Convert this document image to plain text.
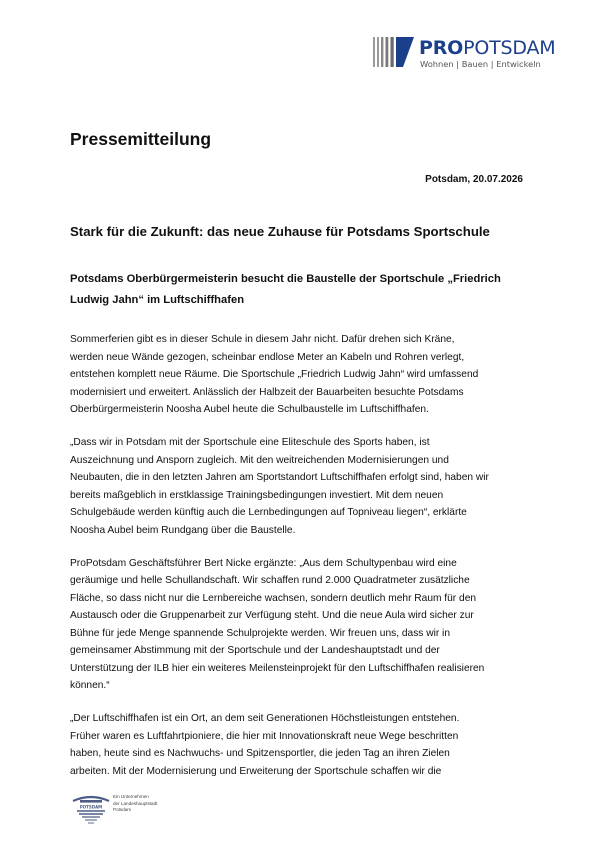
PROPOTSDAM
Wohnen | Bauen | Entwickeln
Pressemitteilung
Potsdam, 20.07.2026
Stark für die Zukunft: das neue Zuhause für Potsdams Sportschule
Potsdams Oberbürgermeisterin besucht die Baustelle der Sportschule „Friedrich Ludwig Jahn“ im Luftschiffhafen

Sommerferien gibt es in dieser Schule in diesem Jahr nicht. Dafür drehen sich Kräne,
werden neue Wände gezogen, scheinbar endlose Meter an Kabeln und Rohren verlegt,
entstehen komplett neue Räume. Die Sportschule „Friedrich Ludwig Jahn“ wird umfassend
modernisiert und erweitert. Anlässlich der Halbzeit der Bauarbeiten besuchte Potsdams
Oberbürgermeisterin Noosha Aubel heute die Schulbaustelle im Luftschiffhafen.

„Dass wir in Potsdam mit der Sportschule eine Eliteschule des Sports haben, ist
Auszeichnung und Ansporn zugleich. Mit den weitreichenden Modernisierungen und
Neubauten, die in den letzten Jahren am Sportstandort Luftschiffhafen erfolgt sind, haben wir
bereits maßgeblich in erstklassige Trainingsbedingungen investiert. Mit dem neuen
Schulgebäude werden künftig auch die Lernbedingungen auf Topniveau liegen“, erklärte
Noosha Aubel beim Rundgang über die Baustelle.

ProPotsdam Geschäftsführer Bert Nicke ergänzte: „Aus dem Schultypenbau wird eine
geräumige und helle Schullandschaft. Wir schaffen rund 2.000 Quadratmeter zusätzliche
Fläche, so dass nicht nur die Lernbereiche wachsen, sondern deutlich mehr Raum für den
Austausch oder die Gruppenarbeit zur Verfügung steht. Und die neue Aula wird sicher zur
Bühne für jede Menge spannende Schulprojekte werden. Wir freuen uns, dass wir in
gemeinsamer Abstimmung mit der Sportschule und der Landeshauptstadt und der
Unterstützung der ILB hier ein weiteres Meilensteinprojekt für den Luftschiffhafen realisieren
können.“

„Der Luftschiffhafen ist ein Ort, an dem seit Generationen Höchstleistungen entstehen.
Früher waren es Luftfahrtpioniere, die hier mit Innovationskraft neue Wege beschritten
haben, heute sind es Nachwuchs- und Spitzensportler, die jeden Tag an ihren Zielen
arbeiten. Mit der Modernisierung und Erweiterung der Sportschule schaffen wir die

POTSDAM
Ein Unternehmen
der Landeshauptstadt
Potsdam
